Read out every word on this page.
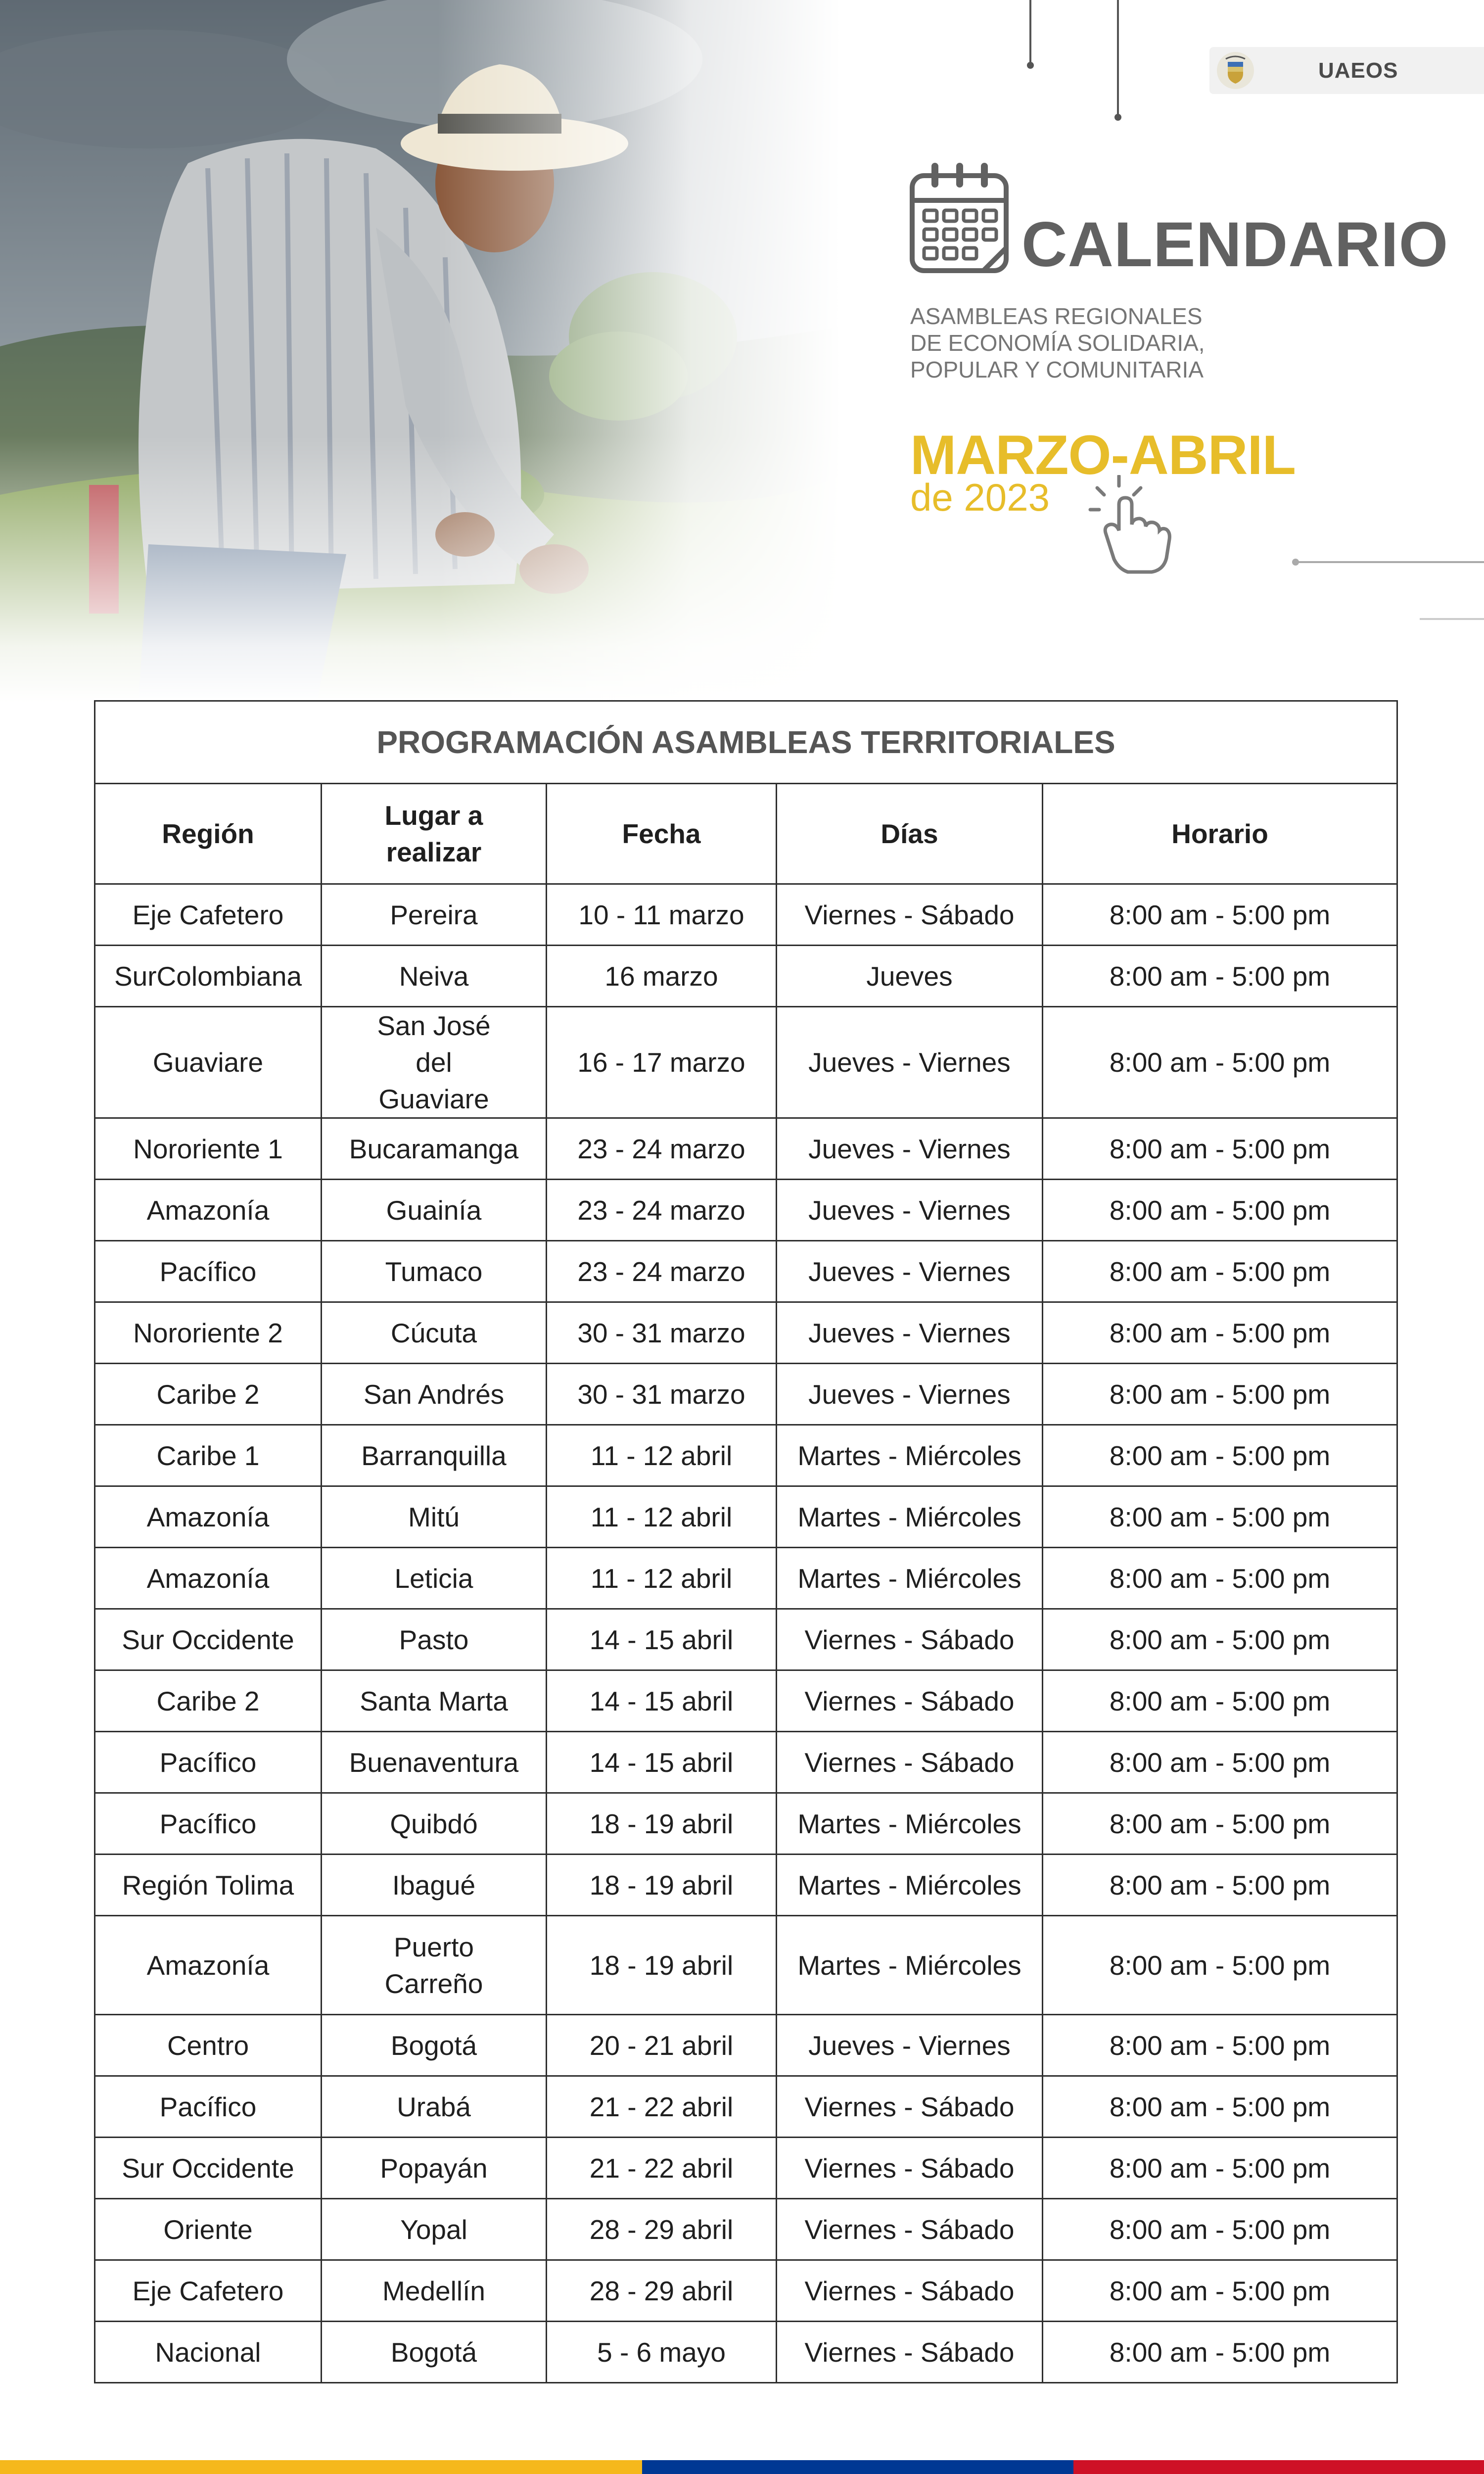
UAEOS
CALENDARIO
ASAMBLEAS REGIONALES
DE ECONOMÍA SOLIDARIA,
POPULAR Y COMUNITARIA
MARZO-ABRIL
de 2023
PROGRAMACIÓN ASAMBLEAS TERRITORIALES				
Región	Lugar a realizar	Fecha	Días	Horario
Eje Cafetero	Pereira	10 - 11 marzo	Viernes - Sábado	8:00 am - 5:00 pm
SurColombiana	Neiva	16 marzo	Jueves	8:00 am - 5:00 pm
Guaviare	San José del Guaviare	16 - 17 marzo	Jueves - Viernes	8:00 am - 5:00 pm
Nororiente 1	Bucaramanga	23 - 24 marzo	Jueves - Viernes	8:00 am - 5:00 pm
Amazonía	Guainía	23 - 24 marzo	Jueves - Viernes	8:00 am - 5:00 pm
Pacífico	Tumaco	23 - 24 marzo	Jueves - Viernes	8:00 am - 5:00 pm
Nororiente 2	Cúcuta	30 - 31 marzo	Jueves - Viernes	8:00 am - 5:00 pm
Caribe 2	San Andrés	30 - 31 marzo	Jueves - Viernes	8:00 am - 5:00 pm
Caribe 1	Barranquilla	11 - 12 abril	Martes - Miércoles	8:00 am - 5:00 pm
Amazonía	Mitú	11 - 12 abril	Martes - Miércoles	8:00 am - 5:00 pm
Amazonía	Leticia	11 - 12 abril	Martes - Miércoles	8:00 am - 5:00 pm
Sur Occidente	Pasto	14 - 15 abril	Viernes - Sábado	8:00 am - 5:00 pm
Caribe 2	Santa Marta	14 - 15 abril	Viernes - Sábado	8:00 am - 5:00 pm
Pacífico	Buenaventura	14 - 15 abril	Viernes - Sábado	8:00 am - 5:00 pm
Pacífico	Quibdó	18 - 19 abril	Martes - Miércoles	8:00 am - 5:00 pm
Región Tolima	Ibagué	18 - 19 abril	Martes - Miércoles	8:00 am - 5:00 pm
Amazonía	Puerto Carreño	18 - 19 abril	Martes - Miércoles	8:00 am - 5:00 pm
Centro	Bogotá	20 - 21 abril	Jueves - Viernes	8:00 am - 5:00 pm
Pacífico	Urabá	21 - 22 abril	Viernes - Sábado	8:00 am - 5:00 pm
Sur Occidente	Popayán	21 - 22 abril	Viernes - Sábado	8:00 am - 5:00 pm
Oriente	Yopal	28 - 29 abril	Viernes - Sábado	8:00 am - 5:00 pm
Eje Cafetero	Medellín	28 - 29 abril	Viernes - Sábado	8:00 am - 5:00 pm
Nacional	Bogotá	5 - 6 mayo	Viernes - Sábado	8:00 am - 5:00 pm
